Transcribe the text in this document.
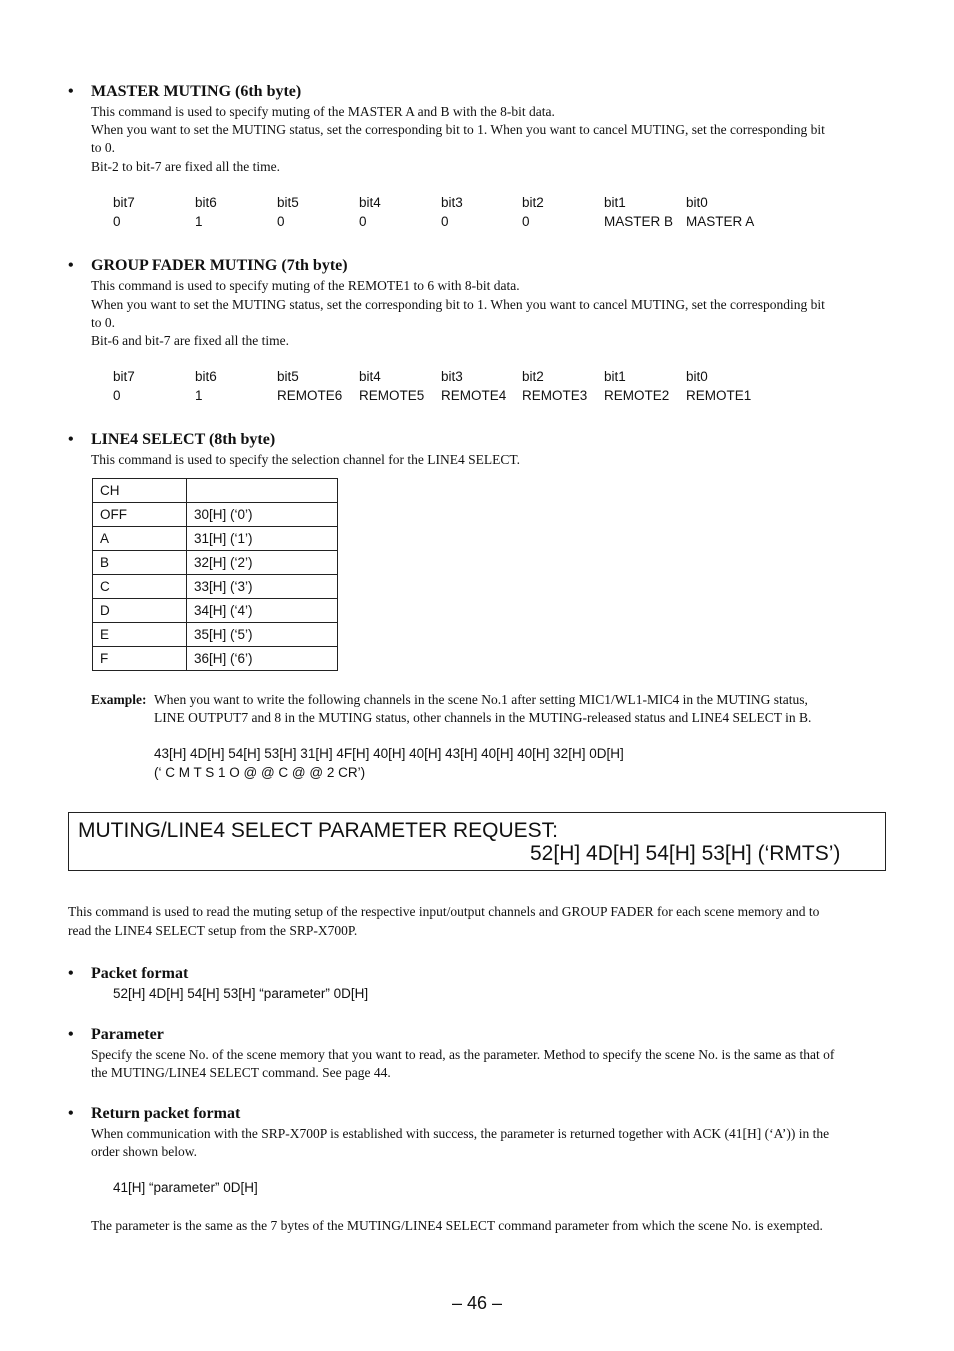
• MASTER MUTING (6th byte)
This command is used to specify muting of the MASTER A and B with the 8-bit data.
When you want to set the MUTING status, set the corresponding bit to 1. When you want to cancel MUTING, set the corresponding bit
to 0.
Bit-2 to bit-7 are fixed all the time.
bit7	bit6	bit5	bit4	bit3	bit2	bit1	bit0
0	1	0	0	0	0	MASTER B MASTER A
• GROUP FADER MUTING (7th byte)
This command is used to specify muting of the REMOTE1 to 6 with 8-bit data.
When you want to set the MUTING status, set the corresponding bit to 1. When you want to cancel MUTING, set the corresponding bit
to 0.
Bit-6 and bit-7 are fixed all the time.
bit7	bit6	bit5	bit4	bit3	bit2	bit1	bit0
0	1	REMOTE6 REMOTE5 REMOTE4 REMOTE3 REMOTE2 REMOTE1
• LINE4 SELECT (8th byte)
This command is used to specify the selection channel for the LINE4 SELECT.
CH	
OFF	30[H] (‘0’)
A	31[H] (‘1’)
B	32[H] (‘2’)
C	33[H] (‘3’)
D	34[H] (‘4’)
E	35[H] (‘5’)
F	36[H] (‘6’)
Example: When you want to write the following channels in the scene No.1 after setting MIC1/WL1-MIC4 in the MUTING status,
LINE OUTPUT7 and 8 in the MUTING status, other channels in the MUTING-released status and LINE4 SELECT in B.
43[H] 4D[H] 54[H] 53[H] 31[H] 4F[H] 40[H] 40[H] 43[H] 40[H] 40[H] 32[H] 0D[H]
(‘ C M T S 1 O @ @ C @ @ 2 CR’)
MUTING/LINE4 SELECT PARAMETER REQUEST:
52[H] 4D[H] 54[H] 53[H] (‘RMTS’)
This command is used to read the muting setup of the respective input/output channels and GROUP FADER for each scene memory and to
read the LINE4 SELECT setup from the SRP-X700P.
• Packet format
52[H] 4D[H] 54[H] 53[H] “parameter” 0D[H]
• Parameter
Specify the scene No. of the scene memory that you want to read, as the parameter. Method to specify the scene No. is the same as that of
the MUTING/LINE4 SELECT command. See page 44.
• Return packet format
When communication with the SRP-X700P is established with success, the parameter is returned together with ACK (41[H] (‘A’)) in the
order shown below.
41[H] “parameter” 0D[H]
The parameter is the same as the 7 bytes of the MUTING/LINE4 SELECT command parameter from which the scene No. is exempted.
– 46 –
